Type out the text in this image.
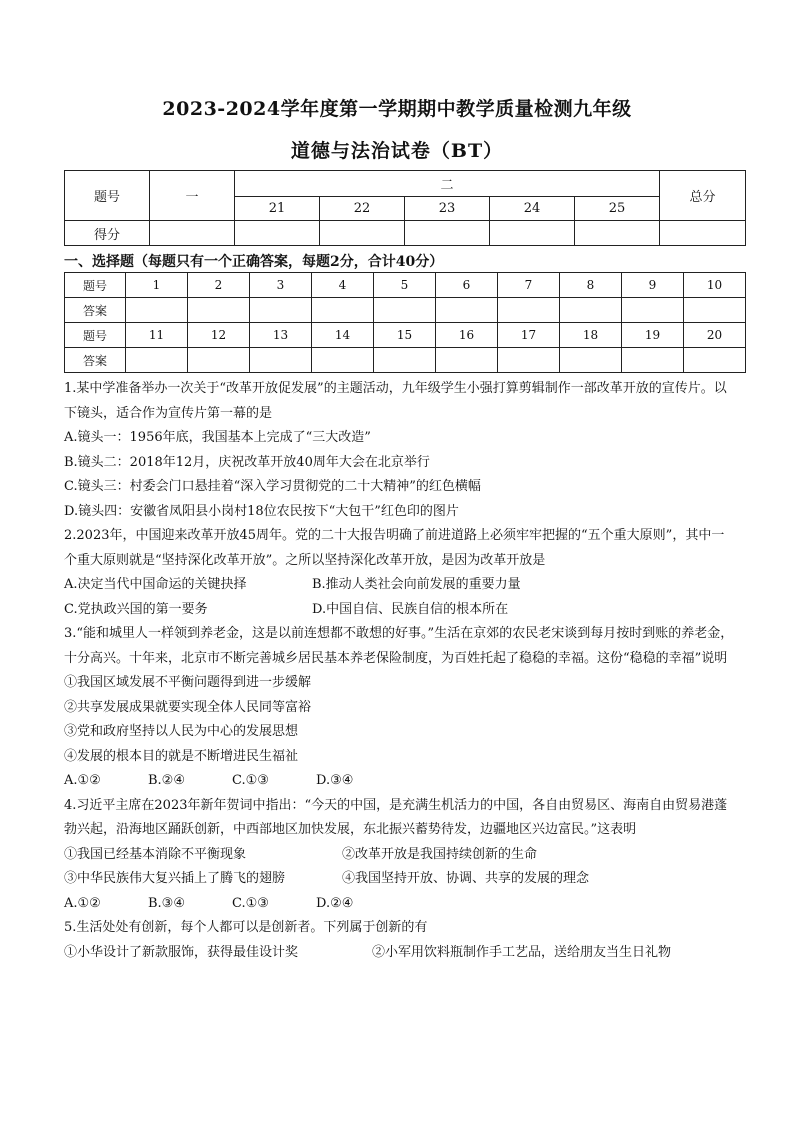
2023-2024学年度第一学期期中教学质量检测九年级
道德与法治试卷（BT）
题号	一	二					总分
		21	22	23	24	25	
得分							
一、选择题（每题只有一个正确答案，每题2分，合计40分）
题号	1	2	3	4	5	6	7	8	9	10
答案										
题号	11	12	13	14	15	16	17	18	19	20
答案										

1.某中学准备举办一次关于“改革开放促发展”的主题活动，九年级学生小强打算剪辑制作一部改革开放的宣传片。以下镜头，适合作为宣传片第一幕的是

A.镜头一：1956年底，我国基本上完成了“三大改造”

B.镜头二：2018年12月，庆祝改革开放40周年大会在北京举行

C.镜头三：村委会门口悬挂着“深入学习贯彻党的二十大精神”的红色横幅

D.镜头四：安徽省凤阳县小岗村18位农民按下“大包干”红色印的图片

2.2023年，中国迎来改革开放45周年。党的二十大报告明确了前进道路上必须牢牢把握的“五个重大原则”，其中一个重大原则就是“坚持深化改革开放”。之所以坚持深化改革开放，是因为改革开放是

A.决定当代中国命运的关键抉择	B.推动人类社会向前发展的重要力量

C.党执政兴国的第一要务	D.中国自信、民族自信的根本所在

3.“能和城里人一样领到养老金，这是以前连想都不敢想的好事。”生活在京郊的农民老宋谈到每月按时到账的养老金，十分高兴。十年来，北京市不断完善城乡居民基本养老保险制度，为百姓托起了稳稳的幸福。这份“稳稳的幸福”说明

①我国区域发展不平衡问题得到进一步缓解

②共享发展成果就要实现全体人民同等富裕

③党和政府坚持以人民为中心的发展思想

④发展的根本目的就是不断增进民生福祉

A.①②	B.②④	C.①③	D.③④

4.习近平主席在2023年新年贺词中指出：“今天的中国，是充满生机活力的中国，各自由贸易区、海南自由贸易港蓬勃兴起，沿海地区踊跃创新，中西部地区加快发展，东北振兴蓄势待发，边疆地区兴边富民。”这表明

①我国已经基本消除不平衡现象	②改革开放是我国持续创新的生命

③中华民族伟大复兴插上了腾飞的翅膀	④我国坚持开放、协调、共享的发展的理念

A.①②	B.③④	C.①③	D.②④

5.生活处处有创新，每个人都可以是创新者。下列属于创新的有

①小华设计了新款服饰，获得最佳设计奖	②小军用饮料瓶制作手工艺品，送给朋友当生日礼物
